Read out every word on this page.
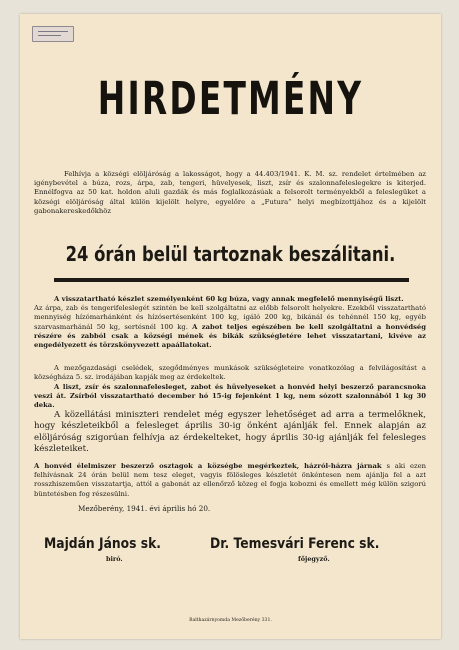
HIRDETMÉNY

Felhívja a községi elöljáróság a lakosságot, hogy a 44.403/1941. K. M. sz. rendelet értelmében az igénybevétel a búza, rozs, árpa, zab, tengeri, hüvelyesek, liszt, zsír és szalonnafeleslegekre is kiterjed. Ennélfogva az 50 kat. holdon aluli gazdák és más foglalkozásúak a felsorolt terményekből a feleslegüket a községi elöljáróság által külön kijelölt helyre, egyelőre a „Futura” helyi megbízottjához és a kijelölt gabonakereskedőkhöz

24 órán belül tartoznak beszálitani.

A visszatartható készlet személyenként 60 kg búza, vagy annak megfelelő mennyiségű liszt.
Az árpa, zab és tengerifeleslegét szintén be kell szolgáltatni az előbb felsorolt helyekre. Ezekből visszatartható mennyiség hízómarhánként és hízósertésenként 100 kg, igáló 200 kg, bikánál és tehénnél 150 kg, egyéb szarvasmarhánál 50 kg, sertésnél 100 kg. A zabot teljes egészében be kell szolgáltatni a honvédség részére és zabból csak a községi mének és bikák szükségletére lehet visszatartani, kivéve az engedélyezett és törzskönyvezett apaállatokat.

A mezőgazdasági cselédek, szegődményes munkások szükségleteire vonatkozólag a felvilágosítást a községháza 5. sz. irodájában kapják meg az érdekeltek.

A liszt, zsír és szalonnafelesleget, zabot és hüvelyeseket a honvéd helyi beszerző parancsnoka veszi át. Zsírból visszatartható december hó 15-ig fejenként 1 kg, nem sózott szalonnából 1 kg 30 deka.

A közellátási miniszteri rendelet még egyszer lehetőséget ad arra a termelőknek, hogy készleteikből a felesleget április 30-ig önként ajánlják fel. Ennek alapján az elöljáróság szigorúan felhívja az érdekelteket, hogy április 30-ig ajánlják fel felesleges készleteiket.

A honvéd élelmiszer beszerző osztagok a községbe megérkeztek, házról-házra járnak s aki ezen felhívásnak 24 órán belül nem tesz eleget, vagyis fölösleges készletét önkéntesen nem ajánlja fel a azt rosszhiszeműen visszatartja, attól a gabonát az ellenőrző közeg el fogja kobozni és emellett még külön szigorú büntetésben fog részesülni.

Mezőberény, 1941. évi április hó 20.
Majdán János sk.
biró.
Dr. Temesvári Ferenc sk.
főjegyző.
Balthazárnyomda Mezőberény 331.
